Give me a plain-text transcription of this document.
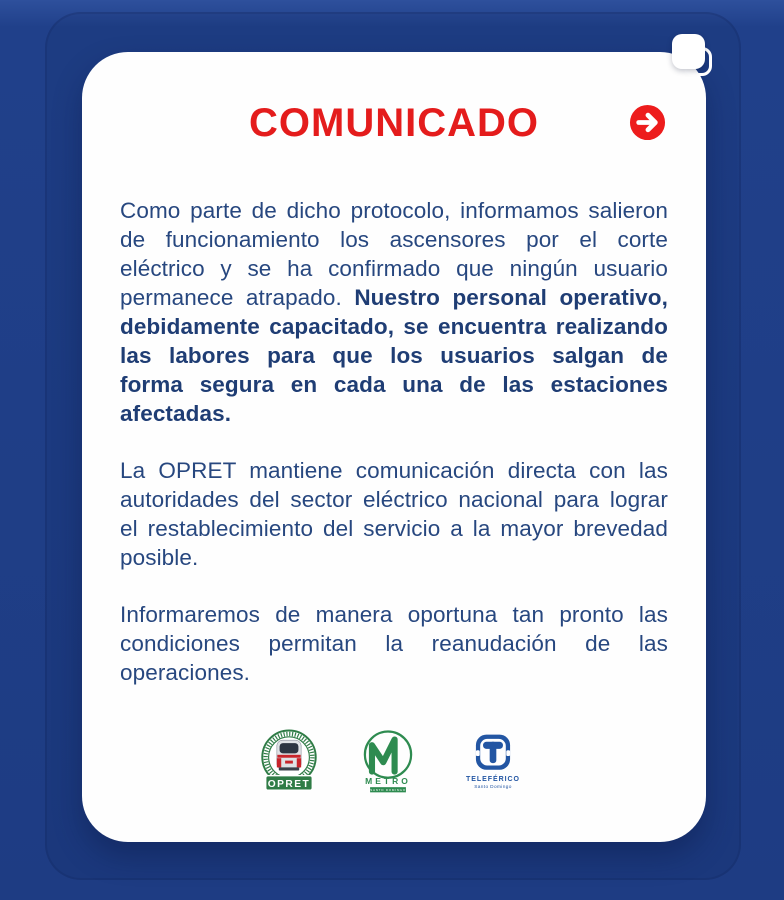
COMUNICADO

Como parte de dicho protocolo, informamos salieron de funcionamiento los ascensores por el corte eléctrico y se ha confirmado que ningún usuario permanece atrapado. Nuestro personal operativo, debidamente capacitado, se encuentra realizando las labores para que los usuarios salgan de forma segura en cada una de las estaciones afectadas.

La OPRET mantiene comunicación directa con las autoridades del sector eléctrico nacional para lograr el restablecimiento del servicio a la mayor brevedad posible.

Informaremos de manera oportuna tan pronto las condiciones permitan la reanudación de las operaciones.

OPRET	METRO
SANTO DOMINGO
TELEFÉRICO
Santo Domingo
